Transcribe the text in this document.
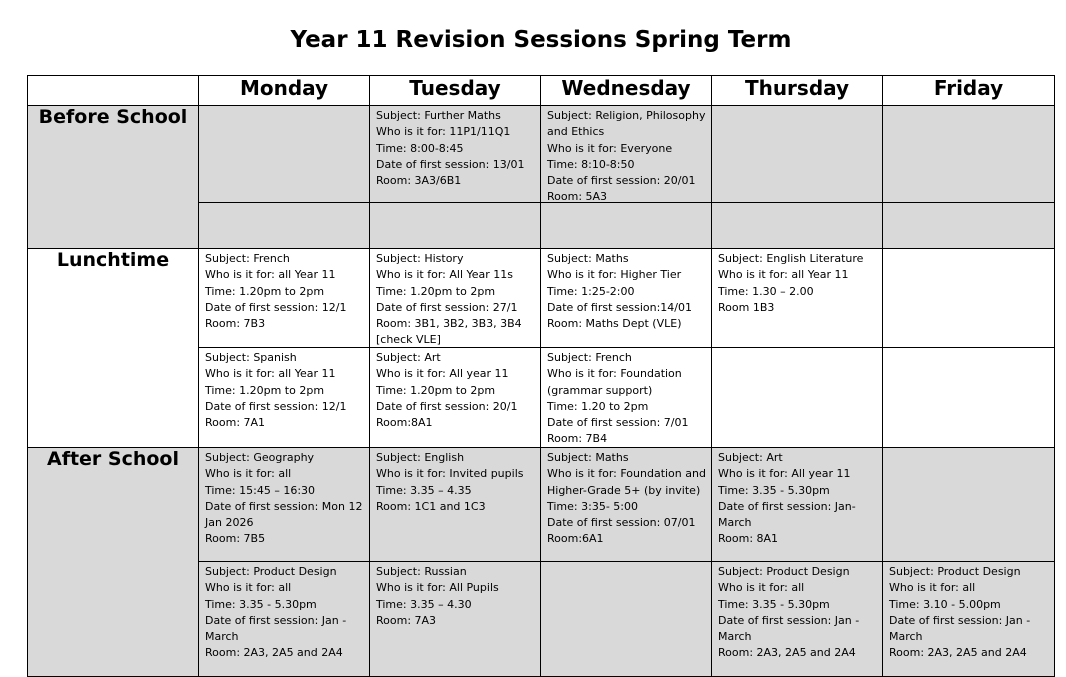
Year 11 Revision Sessions Spring Term
	Monday	Tuesday	Wednesday	Thursday	Friday
Before School		Subject: Further Maths
Who is it for: 11P1/11Q1
Time: 8:00-8:45
Date of first session: 13/01
Room: 3A3/6B1	Subject: Religion, Philosophy and Ethics
Who is it for: Everyone
Time: 8:10-8:50
Date of first session: 20/01
Room: 5A3		

Lunchtime	Subject: French
Who is it for: all Year 11
Time: 1.20pm to 2pm
Date of first session: 12/1
Room: 7B3	Subject: History
Who is it for: All Year 11s
Time: 1.20pm to 2pm
Date of first session: 27/1
Room: 3B1, 3B2, 3B3, 3B4 [check VLE]	Subject: Maths
Who is it for: Higher Tier
Time: 1:25-2:00
Date of first session:14/01
Room: Maths Dept (VLE)	Subject: English Literature
Who is it for: all Year 11
Time: 1.30 – 2.00
Room 1B3	

	Subject: Spanish
Who is it for: all Year 11
Time: 1.20pm to 2pm
Date of first session: 12/1
Room: 7A1	Subject: Art
Who is it for: All year 11
Time: 1.20pm to 2pm
Date of first session: 20/1
Room:8A1	Subject: French
Who is it for: Foundation (grammar support)
Time: 1.20 to 2pm
Date of first session: 7/01
Room: 7B4		

After School	Subject: Geography
Who is it for: all
Time: 15:45 – 16:30
Date of first session: Mon 12 Jan 2026
Room: 7B5	Subject: English
Who is it for: Invited pupils
Time: 3.35 – 4.35
Room: 1C1 and 1C3	Subject: Maths
Who is it for: Foundation and Higher-Grade 5+ (by invite)
Time: 3:35- 5:00
Date of first session: 07/01
Room:6A1	Subject: Art
Who is it for: All year 11
Time: 3.35 - 5.30pm
Date of first session: Jan-March
Room: 8A1	

	Subject: Product Design
Who is it for: all
Time: 3.35 - 5.30pm
Date of first session: Jan - March
Room: 2A3, 2A5 and 2A4	Subject: Russian
Who is it for: All Pupils
Time: 3.35 – 4.30
Room: 7A3		Subject: Product Design
Who is it for: all
Time: 3.35 - 5.30pm
Date of first session: Jan - March
Room: 2A3, 2A5 and 2A4	Subject: Product Design
Who is it for: all
Time: 3.10 - 5.00pm
Date of first session: Jan - March
Room: 2A3, 2A5 and 2A4
